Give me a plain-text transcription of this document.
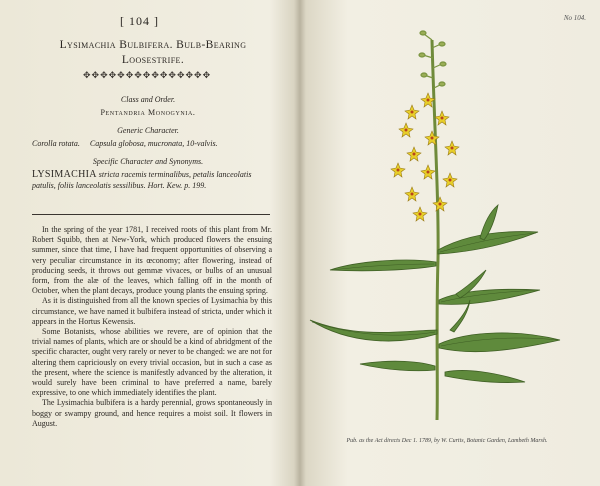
[ 104 ]
Lysimachia Bulbifera. Bulb-Bearing
Loosestrife.
✥✥✥✥✥✥✥✥✥✥✥✥✥✥✥
Class and Order.
Pentandria Monogynia.
Generic Character.
Corolla rotata. Capsula globosa, mucronata, 10-valvis.
Specific Character and Synonyms.
LYSIMACHIA stricta racemis terminalibus, petalis lanceolatis patulis, foliis lanceolatis sessilibus. Hort. Kew. p. 199.

In the spring of the year 1781, I received roots of this plant from Mr. Robert Squibb, then at New-York, which produced flowers the ensuing summer, since that time, I have had frequent opportunities of observing a very peculiar circumstance in its œconomy; after flowering, instead of producing seeds, it throws out gemmæ vivaces, or bulbs of an unusual form, from the alæ of the leaves, which falling off in the month of October, when the plant decays, produce young plants the ensuing spring.

As it is distinguished from all the known species of Lysimachia by this circumstance, we have named it bulbifera instead of stricta, under which it appears in the Hortus Kewensis.

Some Botanists, whose abilities we revere, are of opinion that the trivial names of plants, which are or should be a kind of abridgment of the specific character, ought very rarely or never to be changed: we are not for altering them capriciously on every trivial occasion, but in such a case as the present, where the science is manifestly advanced by the alteration, it would surely have been criminal to have preferred a name, barely expressive, to one which immediately identifies the plant.

The Lysimachia bulbifera is a hardy perennial, grows spontaneously in boggy or swampy ground, and hence requires a moist soil. It flowers in August.

No 104.
Pub. as the Act directs Dec 1. 1789, by W. Curtis, Botanic Garden, Lambeth Marsh.
